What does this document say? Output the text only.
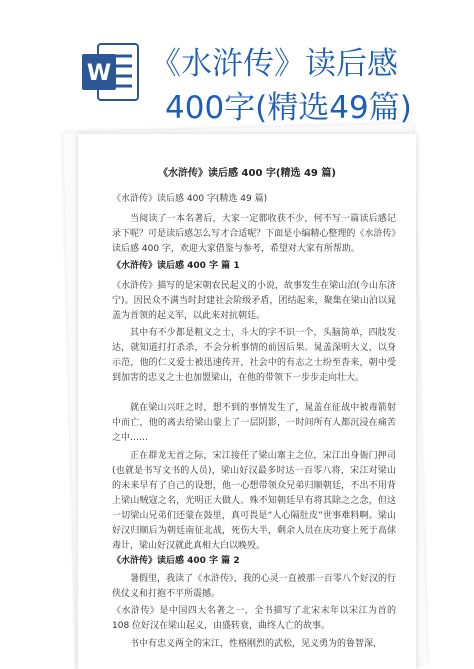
W 《水浒传》读后感
400字(精选49篇)
《水浒传》读后感 400 字(精选 49 篇)
《水浒传》读后感 400 字(精选 49 篇)
当阅读了一本名著后，大家一定都收获不少，何不写一篇读后感记录下呢？可是读后感怎么写才合适呢？下面是小编精心整理的《水浒传》读后感 400 字，欢迎大家借鉴与参考，希望对大家有所帮助。
《水浒传》读后感 400 字 篇 1
《水浒传》描写的是宋朝农民起义的小说，故事发生在梁山泊(今山东济宁)。因民众不满当时封建社会阶级矛盾，团结起来，聚集在梁山泊以晁盖为首领的起义军，以此来对抗朝廷。
其中有不少都是粗义之士，斗大的字不识一个，头脑简单，四肢发达，就知道打打杀杀，不会分析事情的前因后果。晁盖深明大义，以身示范，他的仁义爱士被迅速传开，社会中的有志之士纷至沓来，朝中受到加害的忠义之士也加盟梁山，在他的带领下一步步走向壮大。
就在梁山兴旺之时，想不到的事情发生了，晁盖在征战中被毒箭射中而亡，他的离去给梁山蒙上了一层阴影，一时间所有人都沉浸在痛苦之中……
正在群龙无首之际，宋江接任了梁山寨主之位，宋江出身衙门押司(也就是书写文书的人员)，梁山好汉最多时达一百零八将，宋江对梁山的未来早有了自己的设想，他一心想带领众兄弟归顺朝廷，不出不用背上梁山贼寇之名，光明正大做人。殊不知朝廷早有将其除之之念，但这一切梁山兄弟们还蒙在鼓里，真可畏是“人心隔肚皮”世事难料啊。梁山好汉归顺后为朝廷南征北战，死伤大半，剩余人员在庆功宴上死于高俅毒计，梁山好汉就此真相大白以晚殁。
《水浒传》读后感 400 字 篇 2
暑假里，我读了《水浒传》，我的心灵一直被那一百零八个好汉的行侠仗义和打抱不平所震撼。
《水浒传》是中国四大名著之一，全书描写了北宋末年以宋江为首的 108 位好汉在梁山起义，由盛转衰，曲终人亡的故事。
书中有忠义两全的宋江，性格刚烈的武松，见义勇为的鲁智深，
